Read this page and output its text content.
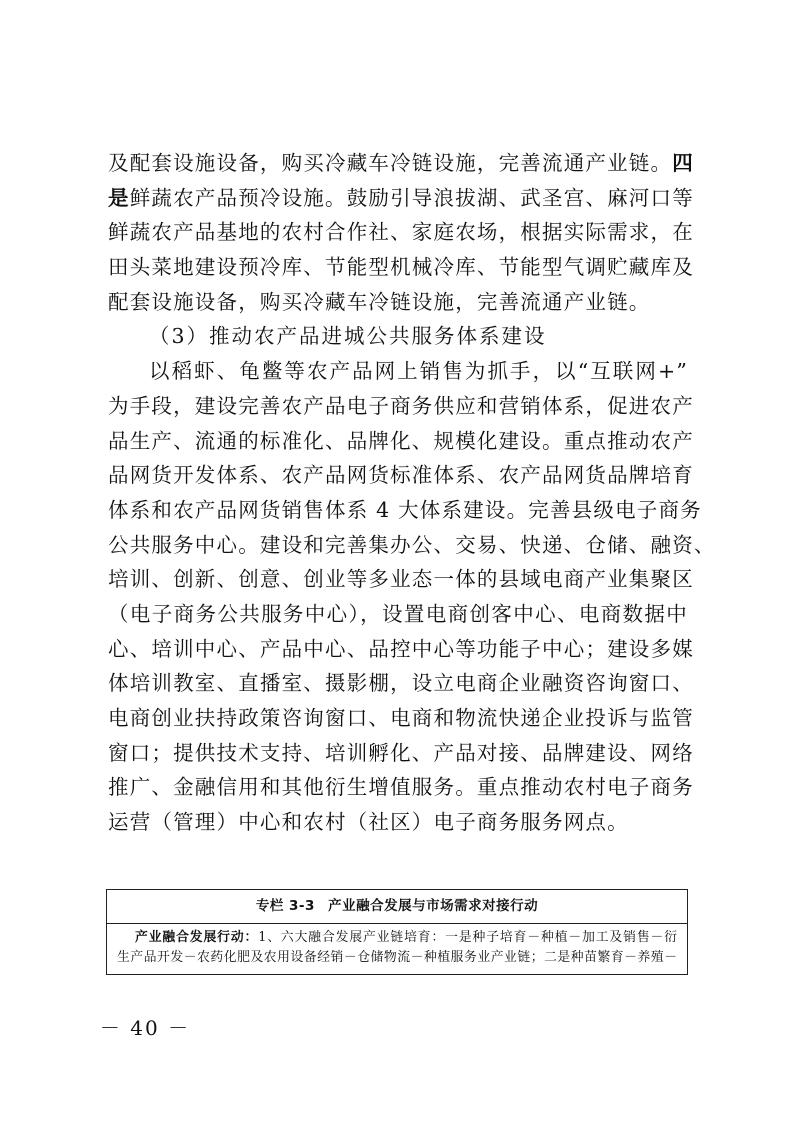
及配套设施设备，购买冷藏车冷链设施，完善流通产业链。四
是鲜蔬农产品预冷设施。鼓励引导浪拔湖、武圣宫、麻河口等
鲜蔬农产品基地的农村合作社、家庭农场，根据实际需求，在
田头菜地建设预冷库、节能型机械冷库、节能型气调贮藏库及
配套设施设备，购买冷藏车冷链设施，完善流通产业链。
（3）推动农产品进城公共服务体系建设
以稻虾、龟鳖等农产品网上销售为抓手，以“互联网+”
为手段，建设完善农产品电子商务供应和营销体系，促进农产
品生产、流通的标准化、品牌化、规模化建设。重点推动农产
品网货开发体系、农产品网货标准体系、农产品网货品牌培育
体系和农产品网货销售体系 4 大体系建设。完善县级电子商务
公共服务中心。建设和完善集办公、交易、快递、仓储、融资、
培训、创新、创意、创业等多业态一体的县域电商产业集聚区
（电子商务公共服务中心），设置电商创客中心、电商数据中
心、培训中心、产品中心、品控中心等功能子中心；建设多媒
体培训教室、直播室、摄影棚，设立电商企业融资咨询窗口、
电商创业扶持政策咨询窗口、电商和物流快递企业投诉与监管
窗口；提供技术支持、培训孵化、产品对接、品牌建设、网络
推广、金融信用和其他衍生增值服务。重点推动农村电子商务
运营（管理）中心和农村（社区）电子商务服务网点。
专栏 3-3 产业融合发展与市场需求对接行动
产业融合发展行动：1、六大融合发展产业链培育：一是种子培育－种植－加工及销售－衍
生产品开发－农药化肥及农用设备经销－仓储物流－种植服务业产业链；二是种苗繁育－养殖－
－ 40 －
